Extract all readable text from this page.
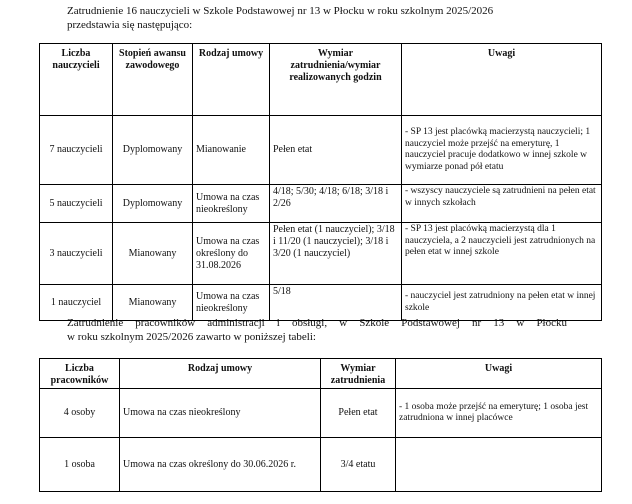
Zatrudnienie 16 nauczycieli w Szkole Podstawowej nr 13 w Płocku w roku szkolnym 2025/2026
przedstawia się następująco:

Liczba nauczycieli	Stopień awansu zawodowego	Rodzaj umowy	Wymiar zatrudnienia/wymiar realizowanych godzin	Uwagi
7 nauczycieli	Dyplomowany	Mianowanie	Pełen etat	- SP 13 jest placówką macierzystą nauczycieli; 1 nauczyciel może przejść na emeryturę, 1 nauczyciel pracuje dodatkowo w innej szkole w wymiarze ponad pół etatu
5 nauczycieli	Dyplomowany	Umowa na czas nieokreślony	4/18; 5/30; 4/18; 6/18; 3/18 i 2/26	- wszyscy nauczyciele są zatrudnieni na pełen etat w innych szkołach
3 nauczycieli	Mianowany	Umowa na czas określony do 31.08.2026	Pełen etat (1 nauczyciel); 3/18 i 11/20 (1 nauczyciel); 3/18 i 3/20 (1 nauczyciel)	- SP 13 jest placówką macierzystą dla 1 nauczyciela, a 2 nauczycieli jest zatrudnionych na pełen etat w innej szkole
1 nauczyciel	Mianowany	Umowa na czas nieokreślony	5/18	- nauczyciel jest zatrudniony na pełen etat w innej szkole

Zatrudnienie pracowników administracji i obsługi, w Szkole Podstawowej nr 13 w Płocku
w roku szkolnym 2025/2026 zawarto w poniższej tabeli:

Liczba pracowników	Rodzaj umowy	Wymiar zatrudnienia	Uwagi
4 osoby	Umowa na czas nieokreślony	Pełen etat	- 1 osoba może przejść na emeryturę; 1 osoba jest zatrudniona w innej placówce
1 osoba	Umowa na czas określony do 30.06.2026 r.	3/4 etatu	
